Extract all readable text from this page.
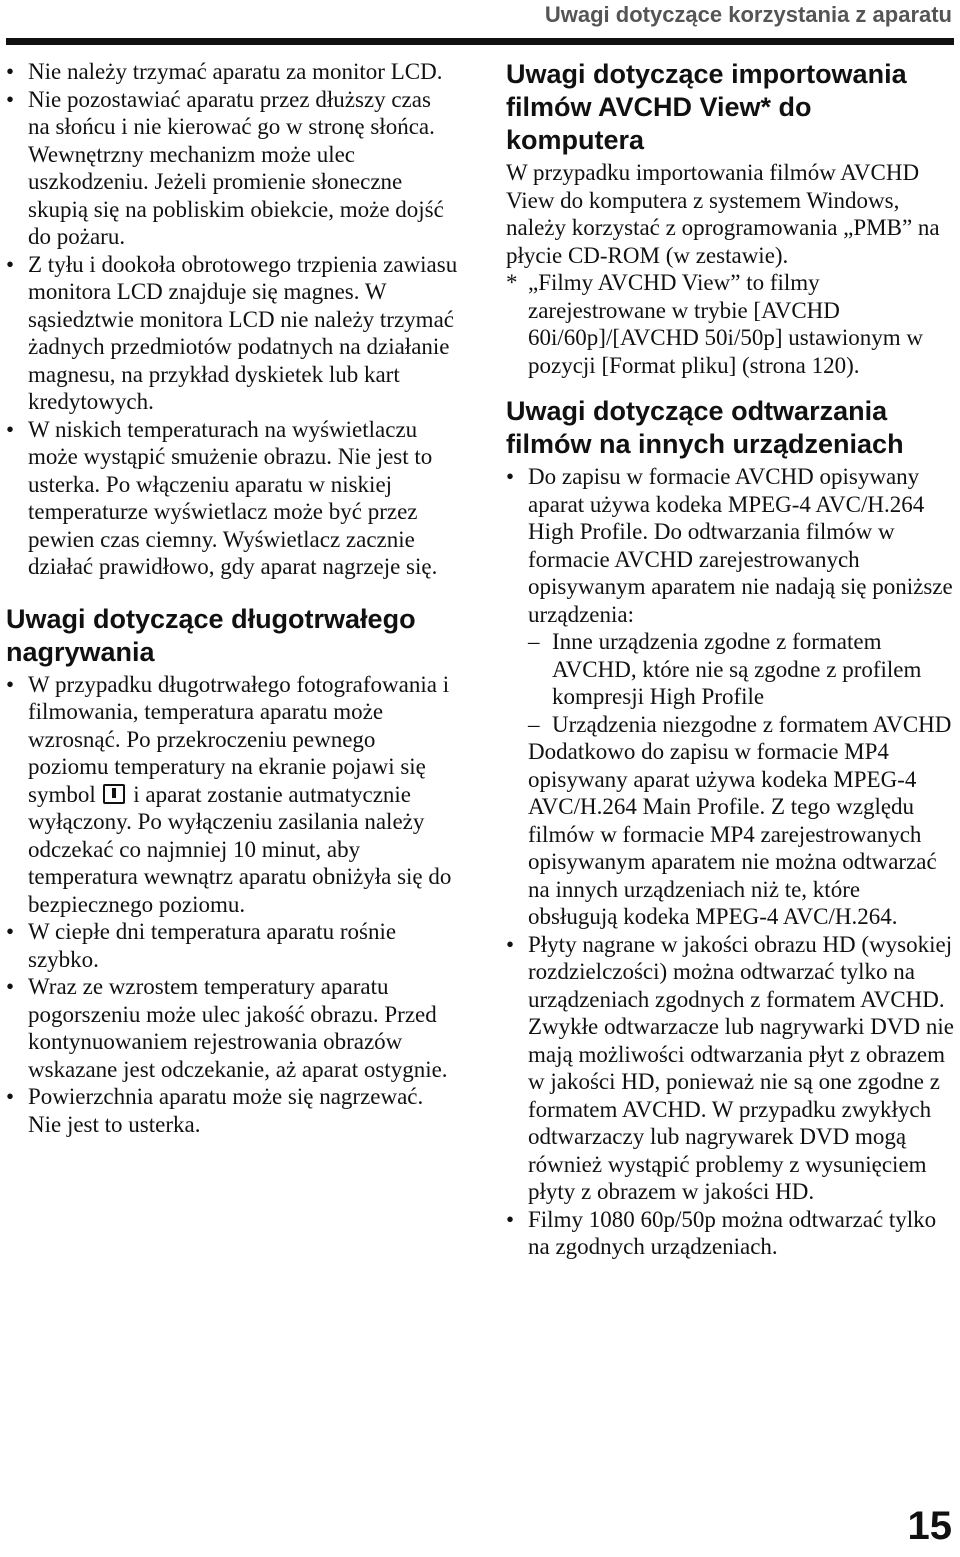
Uwagi dotyczące korzystania z aparatu
• Nie należy trzymać aparatu za monitor LCD.
• Nie pozostawiać aparatu przez dłuższy czas na słońcu i nie kierować go w stronę słońca. Wewnętrzny mechanizm może ulec uszkodzeniu. Jeżeli promienie słoneczne skupią się na pobliskim obiekcie, może dojść do pożaru.
• Z tyłu i dookoła obrotowego trzpienia zawiasu monitora LCD znajduje się magnes. W sąsiedztwie monitora LCD nie należy trzymać żadnych przedmiotów podatnych na działanie magnesu, na przykład dyskietek lub kart kredytowych.
• W niskich temperaturach na wyświetlaczu może wystąpić smużenie obrazu. Nie jest to usterka. Po włączeniu aparatu w niskiej temperaturze wyświetlacz może być przez pewien czas ciemny. Wyświetlacz zacznie działać prawidłowo, gdy aparat nagrzeje się.
Uwagi dotyczące długotrwałego nagrywania
• W przypadku długotrwałego fotografowania i filmowania, temperatura aparatu może wzrosnąć. Po przekroczeniu pewnego poziomu temperatury na ekranie pojawi się symbol i aparat zostanie autmatycznie wyłączony. Po wyłączeniu zasilania należy odczekać co najmniej 10 minut, aby temperatura wewnątrz aparatu obniżyła się do bezpiecznego poziomu.
• W ciepłe dni temperatura aparatu rośnie szybko.
• Wraz ze wzrostem temperatury aparatu pogorszeniu może ulec jakość obrazu. Przed kontynuowaniem rejestrowania obrazów wskazane jest odczekanie, aż aparat ostygnie.
• Powierzchnia aparatu może się nagrzewać. Nie jest to usterka.
Uwagi dotyczące importowania filmów AVCHD View* do komputera

W przypadku importowania filmów AVCHD View do komputera z systemem Windows, należy korzystać z oprogramowania „PMB” na płycie CD-ROM (w zestawie).

* „Filmy AVCHD View” to filmy zarejestrowane w trybie [AVCHD 60i/60p]/[AVCHD 50i/50p] ustawionym w pozycji [Format pliku] (strona 120).

Uwagi dotyczące odtwarzania filmów na innych urządzeniach
• Do zapisu w formacie AVCHD opisywany aparat używa kodeka MPEG-4 AVC/H.264 High Profile. Do odtwarzania filmów w formacie AVCHD zarejestrowanych opisywanym aparatem nie nadają się poniższe urządzenia:
– Inne urządzenia zgodne z formatem AVCHD, które nie są zgodne z profilem kompresji High Profile
– Urządzenia niezgodne z formatem AVCHD
Dodatkowo do zapisu w formacie MP4 opisywany aparat używa kodeka MPEG-4 AVC/H.264 Main Profile. Z tego względu filmów w formacie MP4 zarejestrowanych opisywanym aparatem nie można odtwarzać na innych urządzeniach niż te, które obsługują kodeka MPEG-4 AVC/H.264.
• Płyty nagrane w jakości obrazu HD (wysokiej rozdzielczości) można odtwarzać tylko na urządzeniach zgodnych z formatem AVCHD. Zwykłe odtwarzacze lub nagrywarki DVD nie mają możliwości odtwarzania płyt z obrazem w jakości HD, ponieważ nie są one zgodne z formatem AVCHD. W przypadku zwykłych odtwarzaczy lub nagrywarek DVD mogą również wystąpić problemy z wysunięciem płyty z obrazem w jakości HD.
• Filmy 1080 60p/50p można odtwarzać tylko na zgodnych urządzeniach.
15
